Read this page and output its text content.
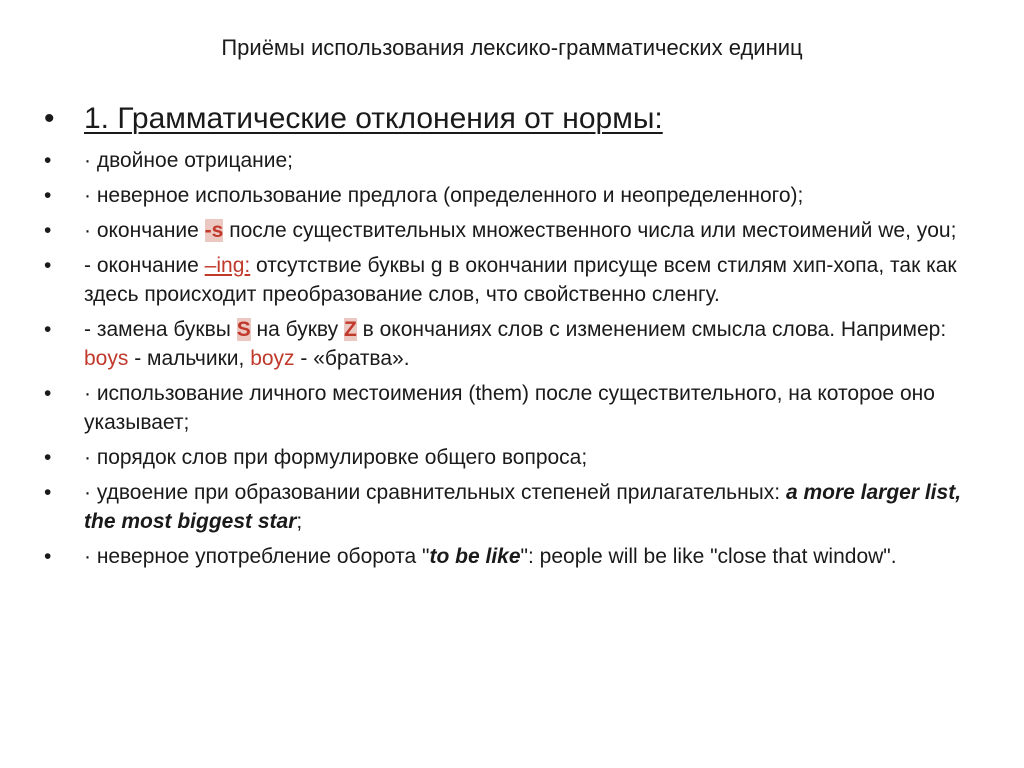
Приёмы использования лексико-грамматических единиц
• 1. Грамматические отклонения от нормы:
•	· двойное отрицание;
•	· неверное использование предлога (определенного и неопределенного);
•	· окончание -s после существительных множественного числа или местоимений we, you;
•	- окончание –ing: отсутствие буквы g в окончании присуще всем стилям хип-хопа, так как здесь происходит преобразование слов, что свойственно сленгу.
•	- замена буквы S на букву Z в окончаниях слов с изменением смысла слова. Например: boys - мальчики, boyz - «братва».
•	· использование личного местоимения (them) после существительного, на которое оно указывает;
•	· порядок слов при формулировке общего вопроса;
•	· удвоение при образовании сравнительных степеней прилагательных: a more larger list, the most biggest star;
•	· неверное употребление оборота "to be like": people will be like "close that window".
